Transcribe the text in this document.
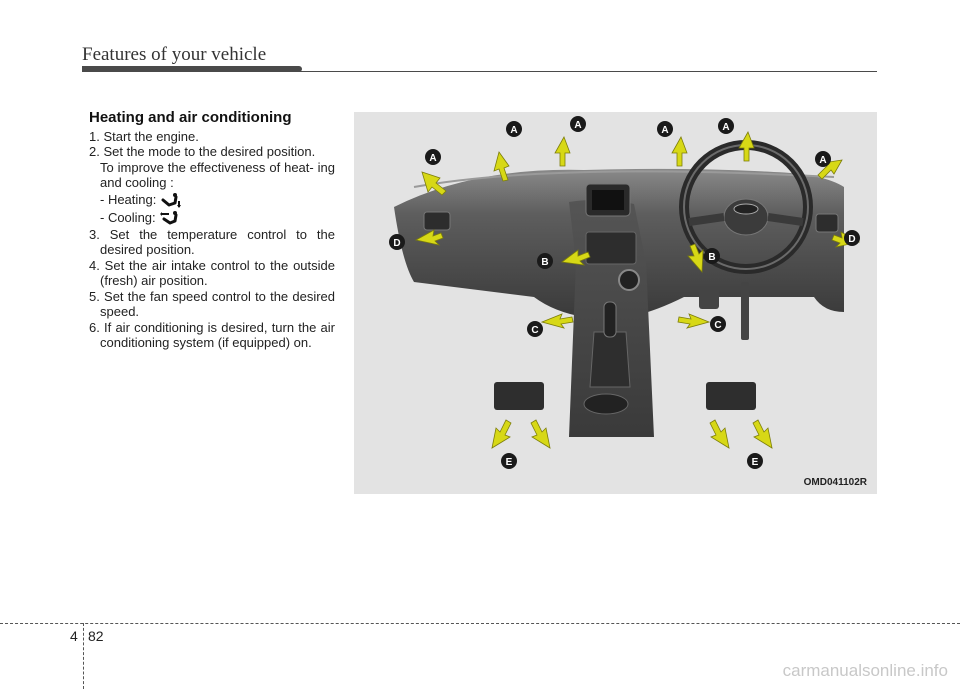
Features of your vehicle

Heating and air conditioning

1. Start the engine.

2. Set the mode to the desired position.

To improve the effectiveness of heat- ing and cooling :

- Heating:
- Cooling:

3. Set the temperature control to the desired position.

4. Set the air intake control to the outside (fresh) air position.

5. Set the fan speed control to the desired speed.

6. If air conditioning is desired, turn the air conditioning system (if equipped) on.

A
A	A	A	A
A
D	D
B	B
C	C
E	E
OMD041102R
4 82
carmanualsonline.info
